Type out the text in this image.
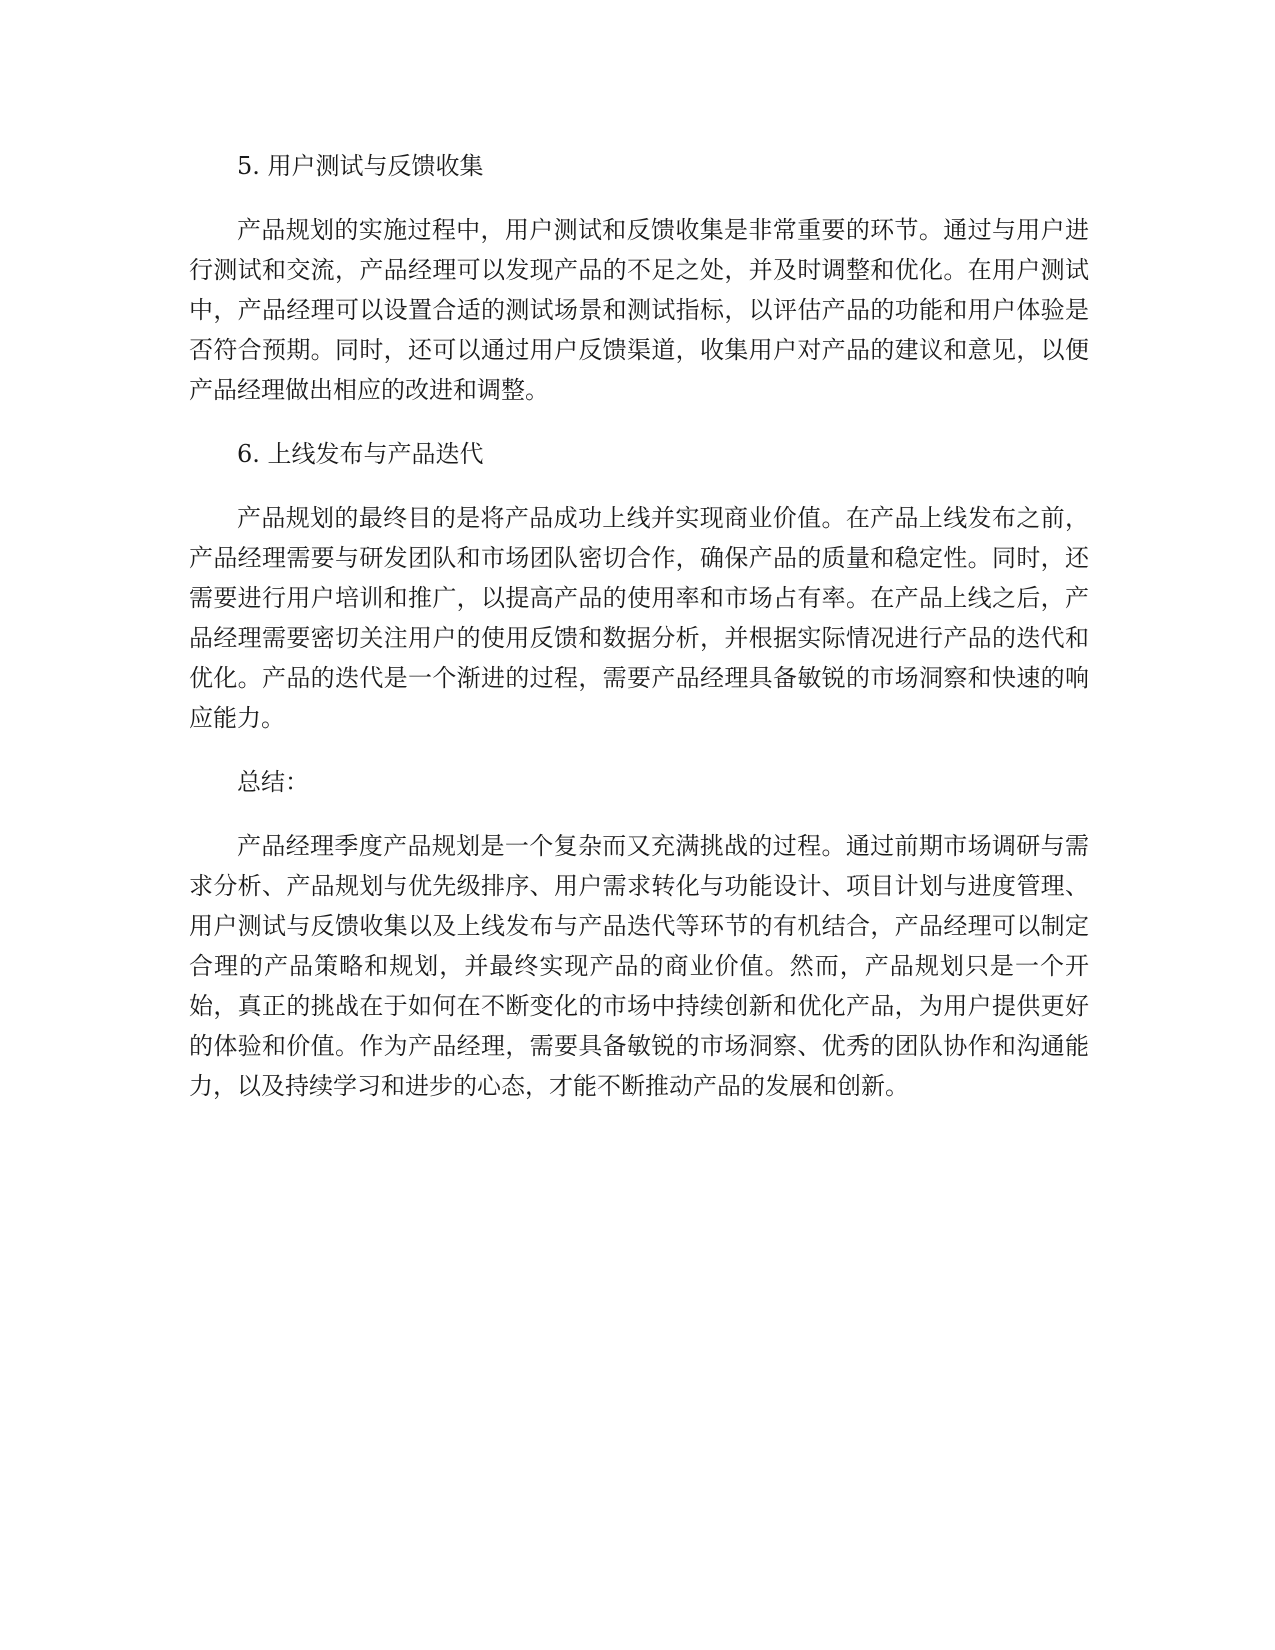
5. 用户测试与反馈收集

产品规划的实施过程中，用户测试和反馈收集是非常重要的环节。通过与用户进行测试和交流，产品经理可以发现产品的不足之处，并及时调整和优化。在用户测试中，产品经理可以设置合适的测试场景和测试指标，以评估产品的功能和用户体验是否符合预期。同时，还可以通过用户反馈渠道，收集用户对产品的建议和意见，以便产品经理做出相应的改进和调整。

6. 上线发布与产品迭代

产品规划的最终目的是将产品成功上线并实现商业价值。在产品上线发布之前，产品经理需要与研发团队和市场团队密切合作，确保产品的质量和稳定性。同时，还需要进行用户培训和推广，以提高产品的使用率和市场占有率。在产品上线之后，产品经理需要密切关注用户的使用反馈和数据分析，并根据实际情况进行产品的迭代和优化。产品的迭代是一个渐进的过程，需要产品经理具备敏锐的市场洞察和快速的响应能力。

总结：

产品经理季度产品规划是一个复杂而又充满挑战的过程。通过前期市场调研与需求分析、产品规划与优先级排序、用户需求转化与功能设计、项目计划与进度管理、用户测试与反馈收集以及上线发布与产品迭代等环节的有机结合，产品经理可以制定合理的产品策略和规划，并最终实现产品的商业价值。然而，产品规划只是一个开始，真正的挑战在于如何在不断变化的市场中持续创新和优化产品，为用户提供更好的体验和价值。作为产品经理，需要具备敏锐的市场洞察、优秀的团队协作和沟通能力，以及持续学习和进步的心态，才能不断推动产品的发展和创新。
